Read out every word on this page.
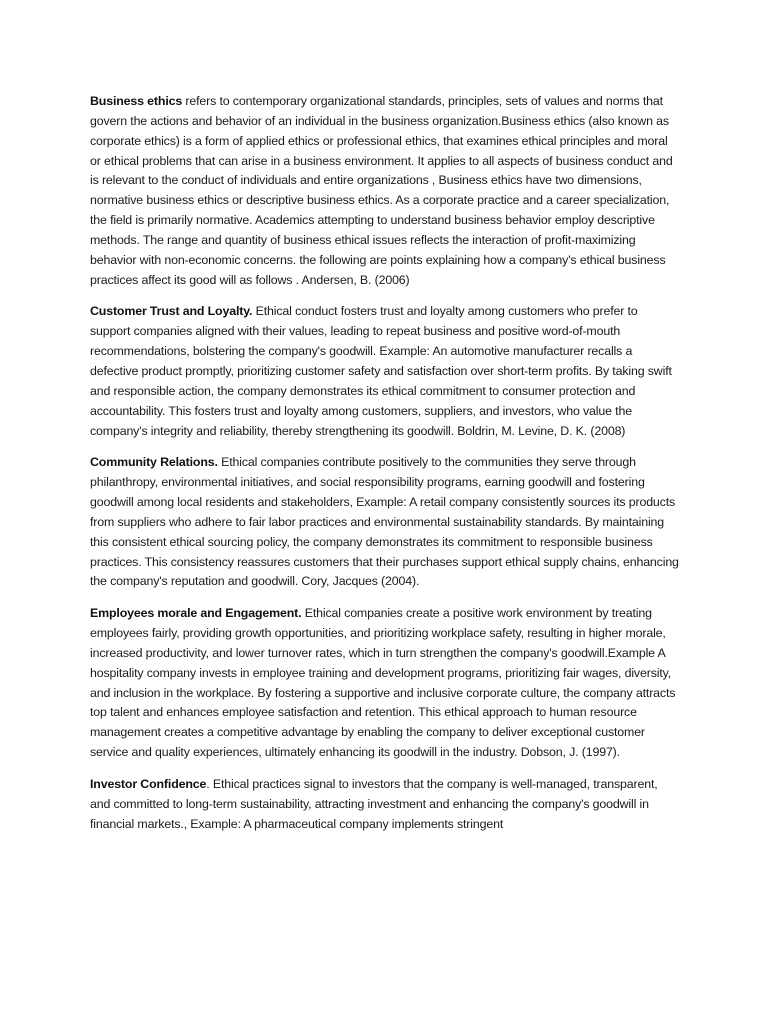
Business ethics refers to contemporary organizational standards, principles, sets of values and norms that govern the actions and behavior of an individual in the business organization.Business ethics (also known as corporate ethics) is a form of applied ethics or professional ethics, that examines ethical principles and moral or ethical problems that can arise in a business environment. It applies to all aspects of business conduct and is relevant to the conduct of individuals and entire organizations , Business ethics have two dimensions, normative business ethics or descriptive business ethics. As a corporate practice and a career specialization, the field is primarily normative. Academics attempting to understand business behavior employ descriptive methods. The range and quantity of business ethical issues reflects the interaction of profit-maximizing behavior with non-economic concerns. the following are points explaining how a company's ethical business practices affect its good will as follows . Andersen, B. (2006)

Customer Trust and Loyalty. Ethical conduct fosters trust and loyalty among customers who prefer to support companies aligned with their values, leading to repeat business and positive word-of-mouth recommendations, bolstering the company's goodwill. Example: An automotive manufacturer recalls a defective product promptly, prioritizing customer safety and satisfaction over short-term profits. By taking swift and responsible action, the company demonstrates its ethical commitment to consumer protection and accountability. This fosters trust and loyalty among customers, suppliers, and investors, who value the company's integrity and reliability, thereby strengthening its goodwill. Boldrin, M. Levine, D. K. (2008)

Community Relations. Ethical companies contribute positively to the communities they serve through philanthropy, environmental initiatives, and social responsibility programs, earning goodwill and fostering goodwill among local residents and stakeholders, Example: A retail company consistently sources its products from suppliers who adhere to fair labor practices and environmental sustainability standards. By maintaining this consistent ethical sourcing policy, the company demonstrates its commitment to responsible business practices. This consistency reassures customers that their purchases support ethical supply chains, enhancing the company's reputation and goodwill. Cory, Jacques (2004).

Employees morale and Engagement. Ethical companies create a positive work environment by treating employees fairly, providing growth opportunities, and prioritizing workplace safety, resulting in higher morale, increased productivity, and lower turnover rates, which in turn strengthen the company's goodwill.Example A hospitality company invests in employee training and development programs, prioritizing fair wages, diversity, and inclusion in the workplace. By fostering a supportive and inclusive corporate culture, the company attracts top talent and enhances employee satisfaction and retention. This ethical approach to human resource management creates a competitive advantage by enabling the company to deliver exceptional customer service and quality experiences, ultimately enhancing its goodwill in the industry. Dobson, J. (1997).

Investor Confidence. Ethical practices signal to investors that the company is well-managed, transparent, and committed to long-term sustainability, attracting investment and enhancing the company's goodwill in financial markets., Example: A pharmaceutical company implements stringent
